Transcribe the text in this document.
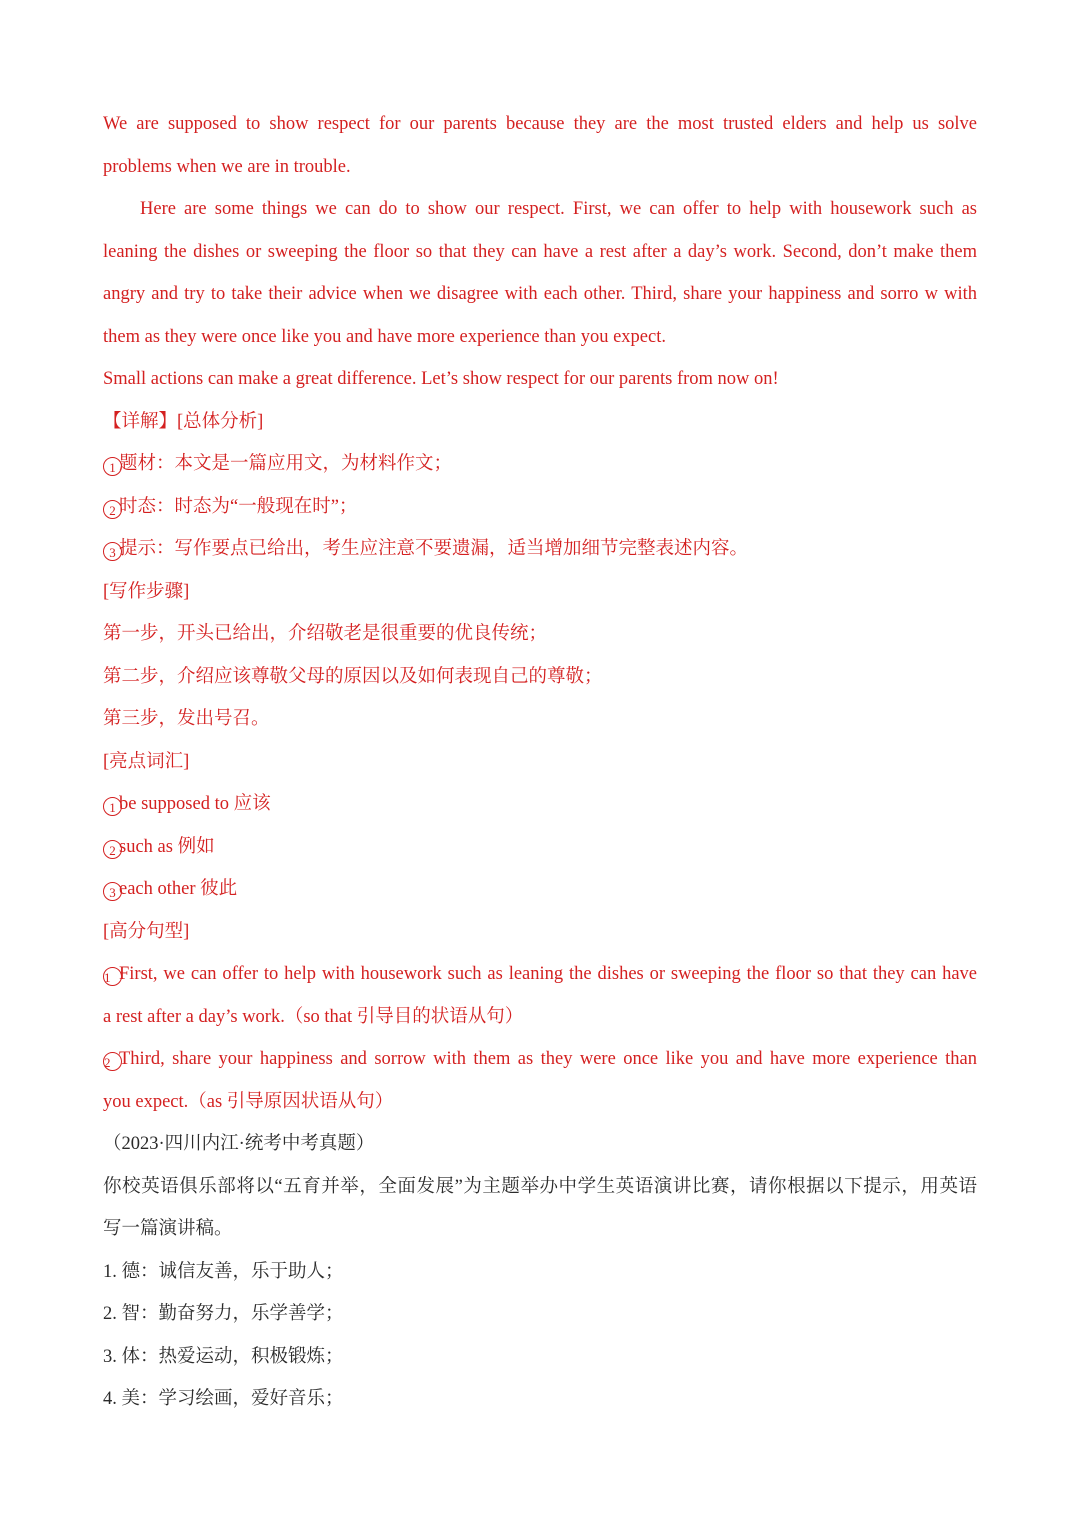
We are supposed to show respect for our parents because they are the most trusted elders and help us solve
problems when we are in trouble.
Here are some things we can do to show our respect. First, we can offer to help with housework such as
leaning the dishes or sweeping the floor so that they can have a rest after a day’s work. Second, don’t make them
angry and try to take their advice when we disagree with each other. Third, share your happiness and sorro w with
them as they were once like you and have more experience than you expect.
Small actions can make a great difference. Let’s show respect for our parents from now on!
【详解】[总体分析]
1 题材：本文是一篇应用文，为材料作文；
2 时态：时态为“一般现在时”；
3 提示：写作要点已给出，考生应注意不要遗漏，适当增加细节完整表述内容。
[写作步骤]
第一步，开头已给出，介绍敬老是很重要的优良传统；
第二步，介绍应该尊敬父母的原因以及如何表现自己的尊敬；
第三步，发出号召。
[亮点词汇]
1 be supposed to 应该
2 such as 例如
3 each other 彼此
[高分句型]
1 First, we can offer to help with housework such as leaning the dishes or sweeping the floor so that they can have
a rest after a day’s work.（so that 引导目的状语从句）
2 Third, share your happiness and sorrow with them as they were once like you and have more experience than
you expect.（as 引导原因状语从句）
（2023·四川内江·统考中考真题）
你校英语俱乐部将以“五育并举，全面发展”为主题举办中学生英语演讲比赛，请你根据以下提示，用英语
写一篇演讲稿。
1. 德：诚信友善，乐于助人；
2. 智：勤奋努力，乐学善学；
3. 体：热爱运动，积极锻炼；
4. 美：学习绘画，爱好音乐；
